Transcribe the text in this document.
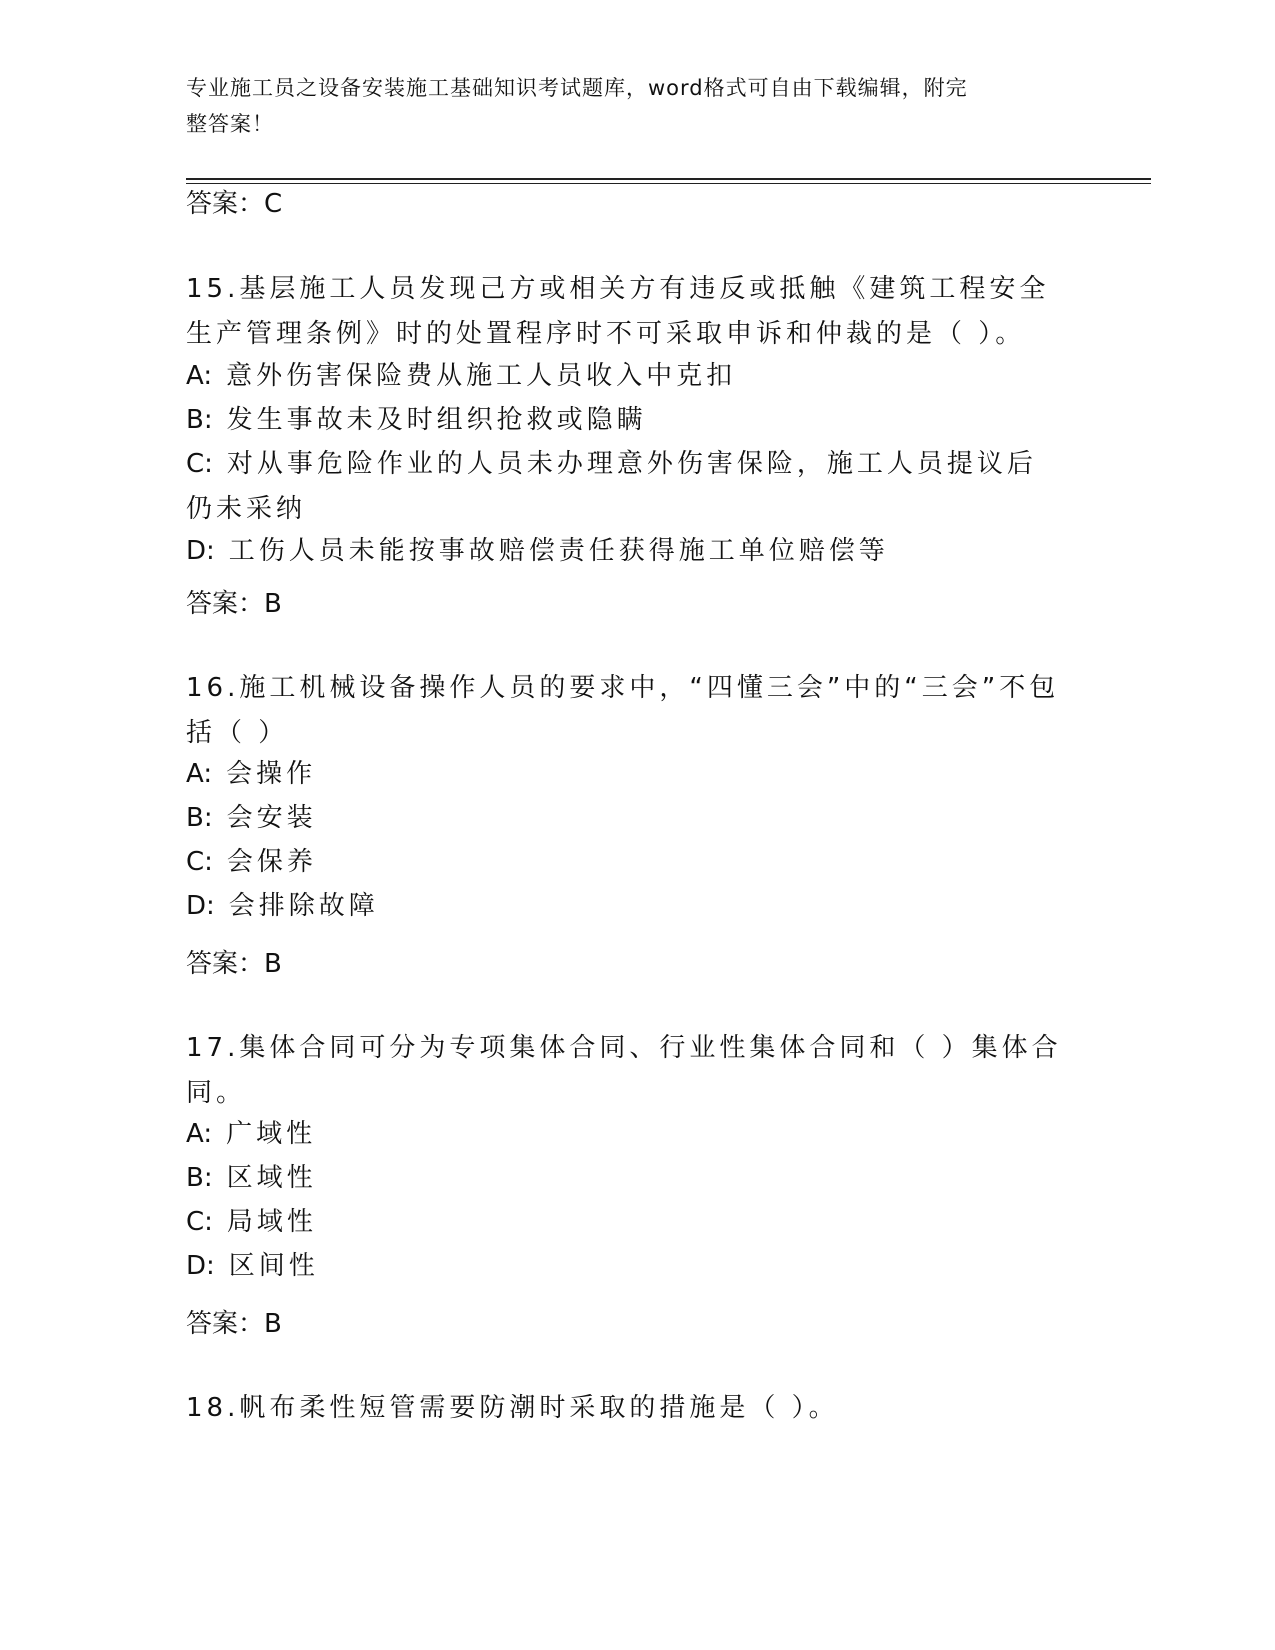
专业施工员之设备安装施工基础知识考试题库，word格式可自由下载编辑，附完
整答案！
答案：C
15.基层施工人员发现己方或相关方有违反或抵触《建筑工程安全生产管理条例》时的处置程序时不可采取申诉和仲裁的是（ ）。
A: 意外伤害保险费从施工人员收入中克扣
B: 发生事故未及时组织抢救或隐瞒
C: 对从事危险作业的人员未办理意外伤害保险，施工人员提议后仍未采纳
D: 工伤人员未能按事故赔偿责任获得施工单位赔偿等
答案：B
16.施工机械设备操作人员的要求中，“四懂三会”中的“三会”不包括（ ）
A: 会操作
B: 会安装
C: 会保养
D: 会排除故障
答案：B
17.集体合同可分为专项集体合同、行业性集体合同和（ ）集体合同。
A: 广域性
B: 区域性
C: 局域性
D: 区间性
答案：B
18.帆布柔性短管需要防潮时采取的措施是（ ）。
